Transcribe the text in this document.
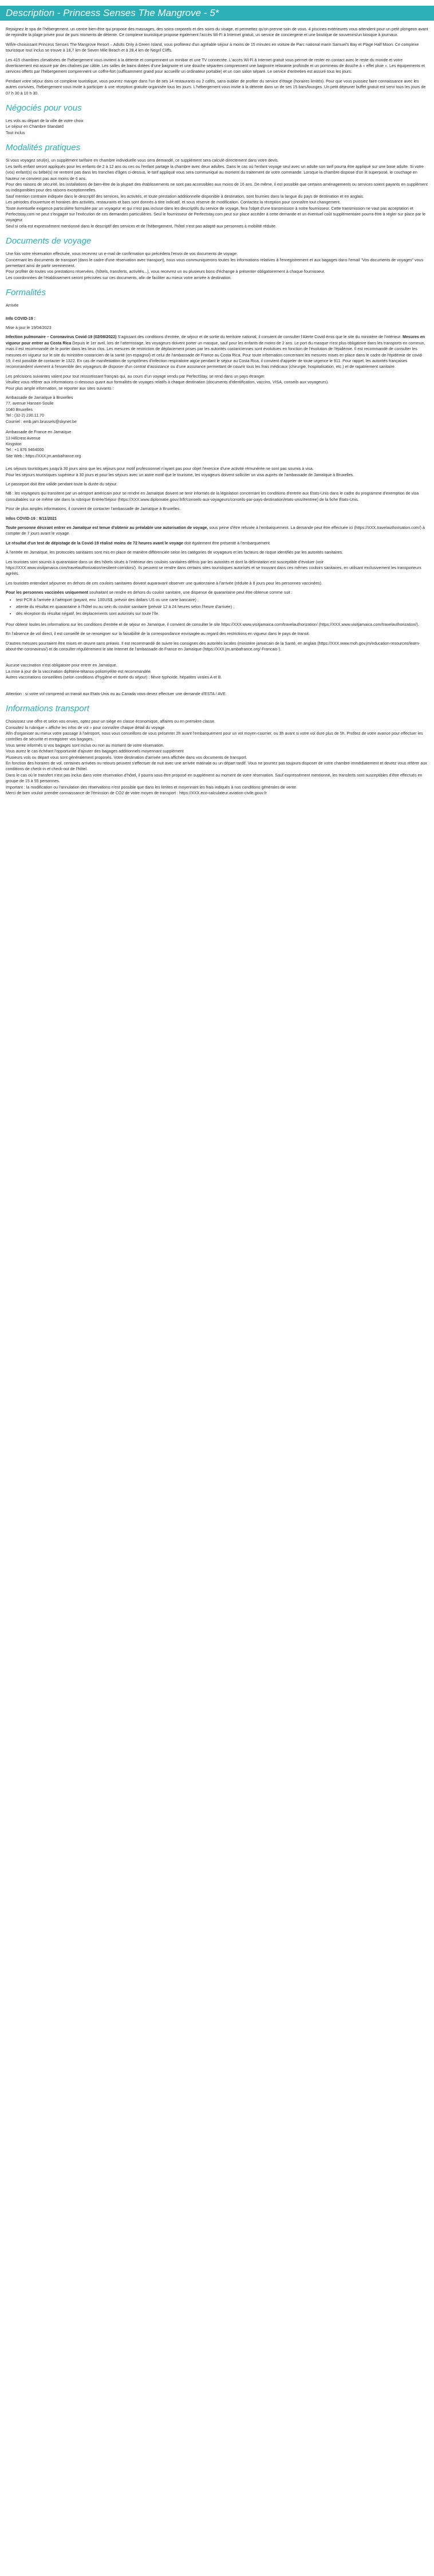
Description - Princess Senses The Mangrove - 5*

Rejoignez le spa de l'hébergement, un centre bien-être qui propose des massages, des soins corporels et des soins du visage, et permettez qu'on prenne soin de vous. 4 piscines extérieures vous attendent pour un petit plongeon avant de rejoindre la plage privée pour de purs moments de détente. Ce complexe touristique propose également l'accès Wi-Fi à Internet gratuit, un service de conciergerie et une boutique de souvenirs/un kiosque à journaux.

Wifi/e-choisissant Princess Senses The Mangrove Resort – Adults Only à Green Island, vous profiterez d'un agréable séjour à moins de 15 minutes en voiture de Parc national marin Samuel's Bay et Plage Half Moon. Ce complexe touristique tout inclus se trouve à 18,7 km de Seven Mile Beach et à 28,4 km de Negril Cliffs.

Les 415 chambres climatisées de l'hébergement vous invitent à la détente et comprennent un minibar et une TV connectée. L'accès Wi-Fi à Internet gratuit vous permet de rester en contact avec le reste du monde et votre divertissement est assuré par des chaînes par câble. Les salles de bains dotées d'une baignoire et une douche séparées comprennent une baignoire relaxante profonde et un pommeau de douche à « effet pluie ». Les équipements et services offerts par l'hébergement comprennent un coffre-fort (suffisamment grand pour accueillir un ordinateur portable) et un coin salon séparé. Le service d'entretien est assuré tous les jours.

Pendant votre séjour dans ce complexe touristique, vous pourrez manger dans l'un de ses 14 restaurants ou 2 cafés, sans oublier de profiter du service d'étage (horaires limités). Pour que vous puissiez faire connaissance avec les autres convives, l'hébergement vous invite à participer à une réception gratuite organisée tous les jours. L'hébergement vous invite à la détente dans un de ses 15 bars/lounges. Un petit déjeuner buffet gratuit est servi tous les jours de 07 h 30 à 10 h 30.

Négociés pour vous

Les vols au départ de la ville de votre choix

Le séjour en Chambre Standard

Tout inclus

Modalités pratiques

Si vous voyagez seul(e), un supplément tarifaire en chambre individuelle vous sera demandé, ce supplément sera calculé directement dans votre devis.

Les tarifs enfant seront appliqués pour les enfants de 2 à 12 ans ou ces ou l'enfant partage la chambre avec deux adultes. Dans le cas où l'enfant voyage seul avec un adulte son tarif pourra être appliqué sur une base adulte. Si votre (vos) enfant(s) ou bébé(s) ne rentrent pas dans les tranches d'âges ci-dessus, le tarif appliqué vous sera communiqué au moment du traitement de votre commande. Lorsque la chambre dispose d'un lit superposé, le couchage en hauteur ne convient pas aux moins de 6 ans.

Pour des raisons de sécurité, les installations de bien-être de la plupart des établissements ne sont pas accessibles aux moins de 16 ans. De même, il est possible que certains aménagements ou services soient payants en supplément ou indisponibles pour des raisons exceptionnelles.

Sauf mention contraire indiquée dans le descriptif des services, les activités, et toute prestation additionnelle disponible à destination, sont fournies dans la langue du pays de destination et en anglais.

Les périodes d'ouverture et horaires des activités, restaurants et bars sont donnés à titre indicatif, et sous réserve de modification. Contactez la réception pour connaître tout changement.

Toute éventuelle exigence particulière formulée par un voyageur et qui n'est pas incluse dans les descriptifs du service de voyage, fera l'objet d'une transmission à notre fournisseur. Cette transmission ne vaut pas acceptation et Perfectstay.com ne peut s'engager sur l'exécution de ces demandes particulières. Seul le fournisseur de Perfectstay.com peut sur place accéder à cette demande et un éventuel coût supplémentaire pourra être à régler sur place par le voyageur.

Seul si cela est expressément mentionné dans le descriptif des services et de l'hébergement, l'hôtel n'est pas adapté aux personnes à mobilité réduite.

Documents de voyage

Une fois votre réservation effectuée, vous recevrez un e-mail de confirmation qui précédera l'envoi de vos documents de voyage.

Concernant les documents de transport (dans le cadre d'une réservation avec transport), nous vous communiquerons toutes les informations relatives à l'enregistrement et aux bagages dans l'email "Vos documents de voyages" vous permettant ainsi de partir sereinement.

Pour profiter de toutes vos prestations réservées, (hôtels, transferts, activités...), vous recevrez un ou plusieurs bons d'échange à présenter obligatoirement à chaque fournisseur.

Les coordonnées de l'établissement seront précisées sur ces documents, afin de faciliter au mieux votre arrivée à destination.

Formalités

Arrivée

Info COVID-19 :

Mise à jour le 19/04/2023

Infection pulmonaire – Coronavirus Covid-19 (02/08/2022) S'agissant des conditions d'entrée, de séjour et de sortie du territoire national, il convient de consulter l'Alerte Covid émis que le site du ministère de l'intérieur. Mesures en vigueur pour entrer au Costa Rica Depuis le 1er avril, lors de l'atterrissage, les voyageurs doivent porter un masque, sauf pour les enfants de moins de 2 ans. Le port du masque n'est plus obligatoire dans les transports en commun, mais il est recommandé de le porter dans les lieux clos. Les mesures de restriction de déplacement prises par les autorités costariciennes sont évolutives en fonction de l'évolution de l'épidémie. Il est recommandé de consulter les mesures en vigueur sur le site du ministère costaricien de la santé (en espagnol) et celui de l'ambassade de France au Costa Rica. Pour toute information concernant les mesures mises en place dans le cadre de l'épidémie de covid-19, il est possible de contacter le 1322. En cas de manifestation de symptômes d'infection respiratoire aigüe pendant le séjour au Costa Rica, il convient d'appeler de toute urgence le 911. Pour rappel, les autorités françaises recommandent vivement à l'ensemble des voyageurs de disposer d'un contrat d'assistance ou d'une assurance permettant de couvrir tous les frais médicaux (chirurgie, hospitalisation, etc.) et de rapatriement sanitaire.

Les précisions suivantes valent pour tout ressortissant français qui, au cours d'un voyage vendu par PerfectStay, se rend dans un pays étranger.

Veuillez vous référer aux informations ci-dessous quant aux formalités de voyages relatifs à chaque destination (documents d'identification, vaccins, VISA, conseils aux voyageurs).

Pour plus ample information, se reporter aux sites suivants :

Ambassade de Jamaïque à Bruxelles

77, avenue Hansen-Soulie

1040 Bruxelles

Tel : (32-2) 230.11.70

Courriel : emb.jam.brussels@skynet.be

Ambassade de France en Jamaïque

13 Hillcrest Avenue

Kingston

Tel : +1 876 9464000

Site Web : https://XXX.jm.ambafrance.org

Les séjours touristiques jusqu'à 30 jours ainsi que les séjours pour motif professionnel n'ayant pas pour objet l'exercice d'une activité rémunérée ne sont pas soumis à visa.

Pour les séjours touristiques supérieur à 30 jours et pour les séjours avec un autre motif que le tourisme, les voyageurs doivent solliciter un visa auprès de l'ambassade de Jamaïque à Bruxelles.

Le passeport doit être valide pendant toute la durée du séjour.

NB : les voyageurs qui transitent par un aéroport américain pour se rendre en Jamaïque doivent se tenir informés de la législation concernant les conditions d'entrée aux Etats-Unis dans le cadre du programme d'exemption de visa consultables sur ce même site dans la rubrique Entrée/Séjour (https://XXX.www.diplomatie.gouv.fr/fr/conseils-aux-voyageurs/conseils-par-pays-destination/etats-unis/#entree) de la fiche États-Unis.

Pour de plus amples informations, il convient de contacter l'ambassade de Jamaïque à Bruxelles.

Infos COVID-19 : 8/11/2021

Toute personne désirant entrer en Jamaïque est tenue d'obtenir au préalable une autorisation de voyage, sous peine d'être refusée à l'embarquement. La demande peut être effectuée ici (https://XXX.travelauthorisation.com/) à compter de 7 jours avant le voyage.

Le résultat d'un test de dépistage de la Covid-19 réalisé moins de 72 heures avant le voyage doit également être présenté à l'embarquement.

À l'entrée en Jamaïque, les protocoles sanitaires sont mis en place de manière différenciée selon les catégories de voyageurs et les facteurs de risque identifiés par les autorités sanitaires.

Les touristes sont soumis à quarantaine dans un des hôtels situés à l'intérieur des couloirs sanitaires définis par les autorités et dont la délimitation est susceptible d'évoluer (voir https://XXX.www.visitjamaica.com/travelauthorization/resilient-corridors/). Ils peuvent se rendre dans certains sites touristiques autorisés et se trouvant dans ces mêmes couloirs sanitaires, en utilisant exclusivement les transporteurs agréés.

Les touristes entendant séjourner en dehors de ces couloirs sanitaires doivent auparavant observer une quatorzaine à l'arrivée (réduite à 8 jours pour les personnes vaccinées).

Pour les personnes vaccinées uniquement souhaitant se rendre en dehors du couloir sanitaire, une dispense de quarantaine peut être obtenue comme suit :

• test PCR à l'arrivée à l'aéroport (payant, env. 100US$, prévoir des dollars US ou une carte bancaire) ;
• attente du résultat en quarantaine à l'hôtel ou au sein du couloir sanitaire (prévoir 12 à 24 heures selon l'heure d'arrivée) ;
• dès réception du résultat négatif, les déplacements sont autorisés sur toute l'île.

Pour obtenir toutes les informations sur les conditions d'entrée et de séjour en Jamaïque, il convient de consulter le site https://XXX.www.visitjamaica.com/travelauthorization/ (https://XXX.www.visitjamaica.com/travelauthorization/).

En l'absence de vol direct, il est conseillé de se renseigner sur la faisabilité de la correspondance envisagée au regard des restrictions en vigueur dans le pays de transit.

D'autres mesures pourraient être mises en œuvre sans préavis. Il est recommandé de suivre les consignes des autorités locales (ministère jamaïcain de la Santé, en anglais (https://XXX.www.moh.gov.jm/education-resources/learn-about-the-coronavirus/) et de consulter régulièrement le site Internet de l'ambassade de France en Jamaïque (https://XXX.jm.ambafrance.org/-Francais-).

Aucune vaccination n'est obligatoire pour entrer en Jamaïque.

La mise à jour de la vaccination diphtérie-tétanos-poliomyélite est recommandée.

Autres vaccinations conseillées (selon conditions d'hygiène et durée du séjour) : fièvre typhoïde, hépatites virales A et B.

Attention : si votre vol comprend un transit aux Etats-Unis ou au Canada vous devez effectuer une demande d'ESTA / AVE.

Informations transport

Choisissez une offre et selon vos envies, optez pour un siège en classe économique, affaires ou en première classe.

Consultez la rubrique « affiche les infos de vol » pour connaître chaque détail du voyage.

Afin d'organiser au mieux votre passage à l'aéroport, nous vous conseillons de vous présenter 2h avant l'embarquement pour un vol moyen-courrier, ou 3h avant si votre vol dure plus de 5h. Profitez de votre avance pour effectuer les contrôles de sécurité et enregistrer vos bagages.

Vous serez informés si vos bagages sont inclus ou non au moment de votre réservation.

Vous aurez le cas échéant l'opportunité d'ajouter des bagages additionnels moyennant supplément

Plusieurs vols ou départ vous sont généralement proposés. Votre destination d'arrivée sera affichée dans vos documents de transport.

En fonction des horaires de vol, certaines arrivées ou retours peuvent s'effectuer de nuit avec une arrivée matinale ou un départ tardif. Vous ne pourrez pas toujours disposer de votre chambre immédiatement et devrez vous référer aux conditions de check-in et check-out de l'hôtel.

Dans le cas où le transfert n'est pas inclus dans votre réservation d'hôtel, il pourra vous être proposé en supplément au moment de votre réservation. Sauf expressément mentionné, les transferts sont susceptibles d'être effectués en groupe de 15 à 55 personnes.

Important : la modification ou l'annulation des réservations n'est possible que dans les limites et moyennant les frais indiqués à nos conditions générales de vente.

Merci de bien vouloir prendre connaissance de l'émission de CO2 de votre moyen de transport : https://XXX.eco-calculateur.aviation-civile.gouv.fr
